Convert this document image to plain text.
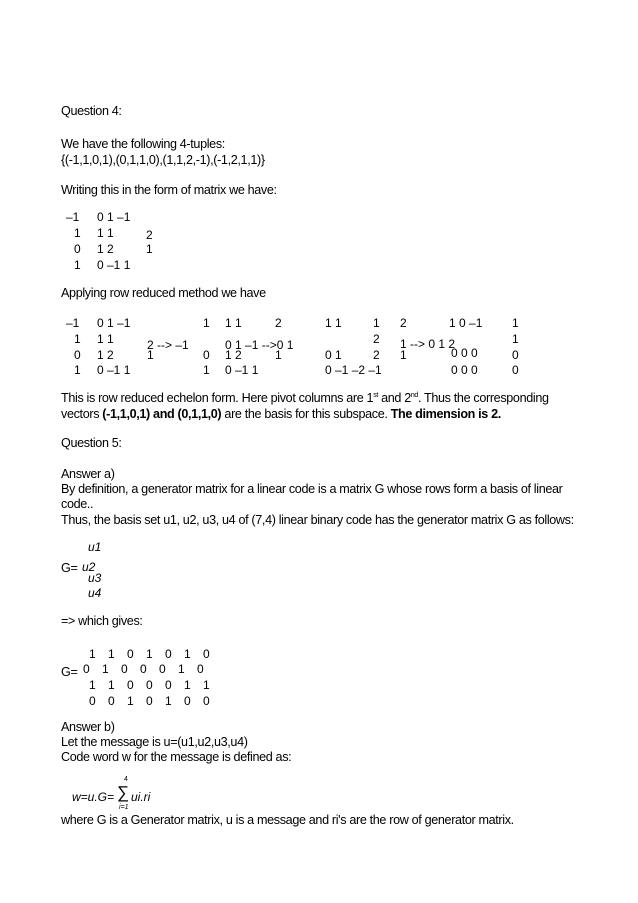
Question 4:
We have the following 4-tuples:
{(-1,1,0,1),(0,1,1,0),(1,1,2,-1),(-1,2,1,1)}
Writing this in the form of matrix we have:
–1
1
0
1
0 1 –1
1 1
1 2
0 –1 1
2
1
Applying row reduced method we have
–1
1
0
1
0 1 –1
1 1
1 2
0 –1 1
2 --> –1
1
1
0
1
1 1
0 1 –1 -->0 1
1 2
0 –1 1
2
1
1 1
0 1
0 –1 –2 –1
1
2
2
2
1 --> 0 1 2
1
1 0 –1
0 0 0
0 0 0
1
1
0
0
This is row reduced echelon form. Here pivot columns are 1st and 2nd. Thus the corresponding
vectors (-1,1,0,1) and (0,1,1,0) are the basis for this subspace. The dimension is 2.
Question 5:
Answer a)
By definition, a generator matrix for a linear code is a matrix G whose rows form a basis of linear
code..
Thus, the basis set u1, u2, u3, u4 of (7,4) linear binary code has the generator matrix G as follows:
u1
G= u2
u3
u4
=> which gives:
1 1 0 1 0 1 0
G= 0 1 0 0 0 1 0
1 1 0 0 0 1 1
0 0 1 0 1 0 0
Answer b)
Let the message is u=(u1,u2,u3,u4)
Code word w for the message is defined as:
4
w=u.G= ∑ ui.ri
i=1
where G is a Generator matrix, u is a message and ri's are the row of generator matrix.
